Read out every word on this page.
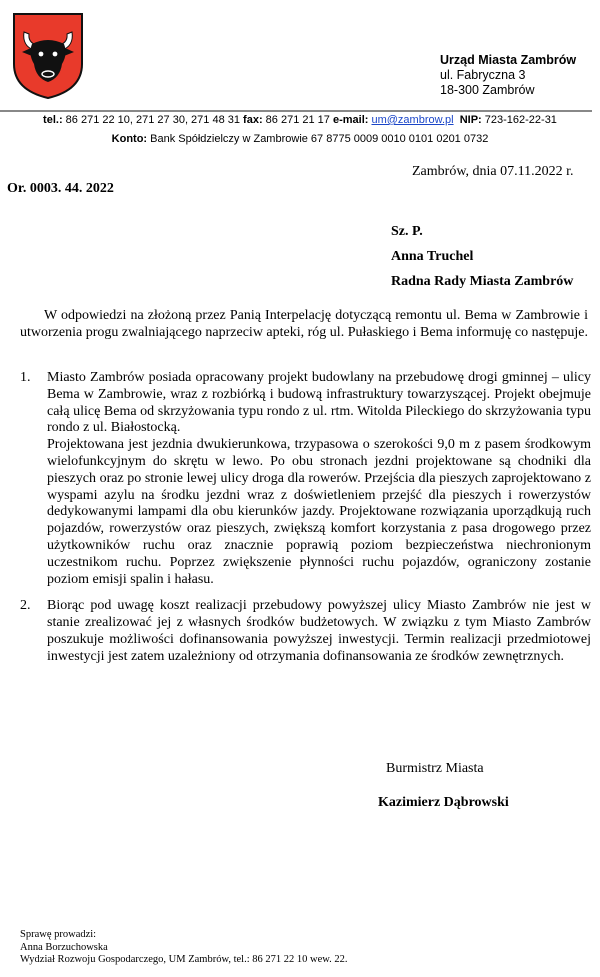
Urząd Miasta Zambrów
ul. Fabryczna 3
18-300 Zambrów
tel.: 86 271 22 10, 271 27 30, 271 48 31 fax: 86 271 21 17 e-mail: um@zambrow.pl NIP: 723-162-22-31
Konto: Bank Spółdzielczy w Zambrowie 67 8775 0009 0010 0101 0201 0732
Zambrów, dnia 07.11.2022 r.
Or. 0003. 44. 2022
Sz. P.
Anna Truchel
Radna Rady Miasta Zambrów

W odpowiedzi na złożoną przez Panią Interpelację dotyczącą remontu ul. Bema w Zambrowie i utworzenia progu zwalniającego naprzeciw apteki, róg ul. Pułaskiego i Bema informuję co następuje.

1. Miasto Zambrów posiada opracowany projekt budowlany na przebudowę drogi gminnej – ulicy Bema w Zambrowie, wraz z rozbiórką i budową infrastruktury towarzyszącej. Projekt obejmuje całą ulicę Bema od skrzyżowania typu rondo z ul. rtm. Witolda Pileckiego do skrzyżowania typu rondo z ul. Białostocką.

Projektowana jest jezdnia dwukierunkowa, trzypasowa o szerokości 9,0 m z pasem środkowym wielofunkcyjnym do skrętu w lewo. Po obu stronach jezdni projektowane są chodniki dla pieszych oraz po stronie lewej ulicy droga dla rowerów. Przejścia dla pieszych zaprojektowano z wyspami azylu na środku jezdni wraz z doświetleniem przejść dla pieszych i rowerzystów dedykowanymi lampami dla obu kierunków jazdy. Projektowane rozwiązania uporządkują ruch pojazdów, rowerzystów oraz pieszych, zwiększą komfort korzystania z pasa drogowego przez użytkowników ruchu oraz znacznie poprawią poziom bezpieczeństwa niechronionym uczestnikom ruchu. Poprzez zwiększenie płynności ruchu pojazdów, ograniczony zostanie poziom emisji spalin i hałasu.

2. Biorąc pod uwagę koszt realizacji przebudowy powyższej ulicy Miasto Zambrów nie jest w stanie zrealizować jej z własnych środków budżetowych. W związku z tym Miasto Zambrów poszukuje możliwości dofinansowania powyższej inwestycji. Termin realizacji przedmiotowej inwestycji jest zatem uzależniony od otrzymania dofinansowania ze środków zewnętrznych.

Burmistrz Miasta
Kazimierz Dąbrowski
Sprawę prowadzi:
Anna Borzuchowska
Wydział Rozwoju Gospodarczego, UM Zambrów, tel.: 86 271 22 10 wew. 22.
